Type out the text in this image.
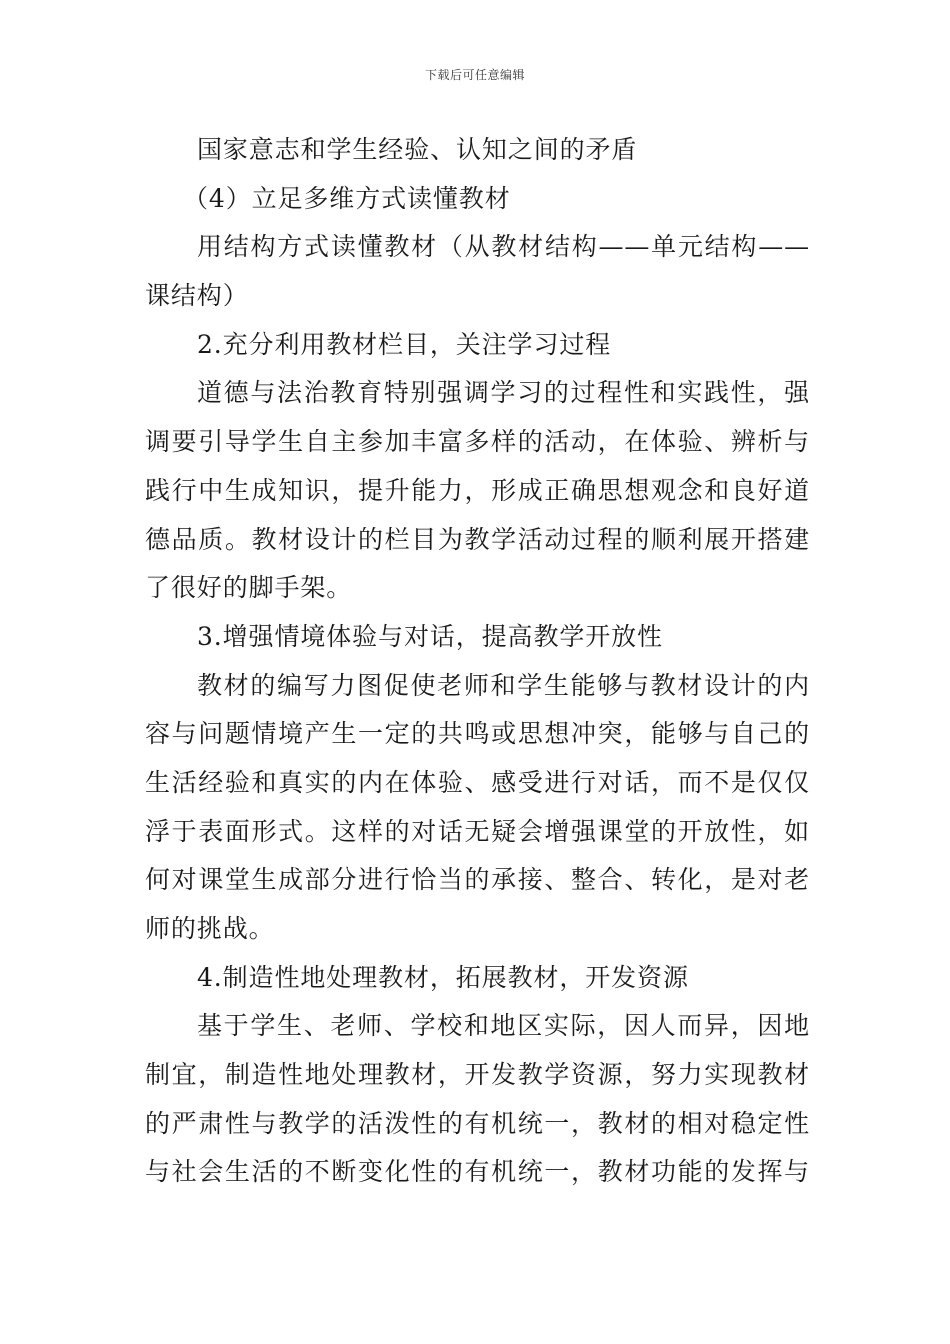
下载后可任意编辑
国家意志和学生经验、认知之间的矛盾
（4）立足多维方式读懂教材
用结构方式读懂教材（从教材结构——单元结构——
课结构）
2.充分利用教材栏目，关注学习过程
道德与法治教育特别强调学习的过程性和实践性，强
调要引导学生自主参加丰富多样的活动，在体验、辨析与
践行中生成知识，提升能力，形成正确思想观念和良好道
德品质。教材设计的栏目为教学活动过程的顺利展开搭建
了很好的脚手架。
3.增强情境体验与对话，提高教学开放性
教材的编写力图促使老师和学生能够与教材设计的内
容与问题情境产生一定的共鸣或思想冲突，能够与自己的
生活经验和真实的内在体验、感受进行对话，而不是仅仅
浮于表面形式。这样的对话无疑会增强课堂的开放性，如
何对课堂生成部分进行恰当的承接、整合、转化，是对老
师的挑战。
4.制造性地处理教材，拓展教材，开发资源
基于学生、老师、学校和地区实际，因人而异，因地
制宜，制造性地处理教材，开发教学资源，努力实现教材
的严肃性与教学的活泼性的有机统一，教材的相对稳定性
与社会生活的不断变化性的有机统一，教材功能的发挥与
